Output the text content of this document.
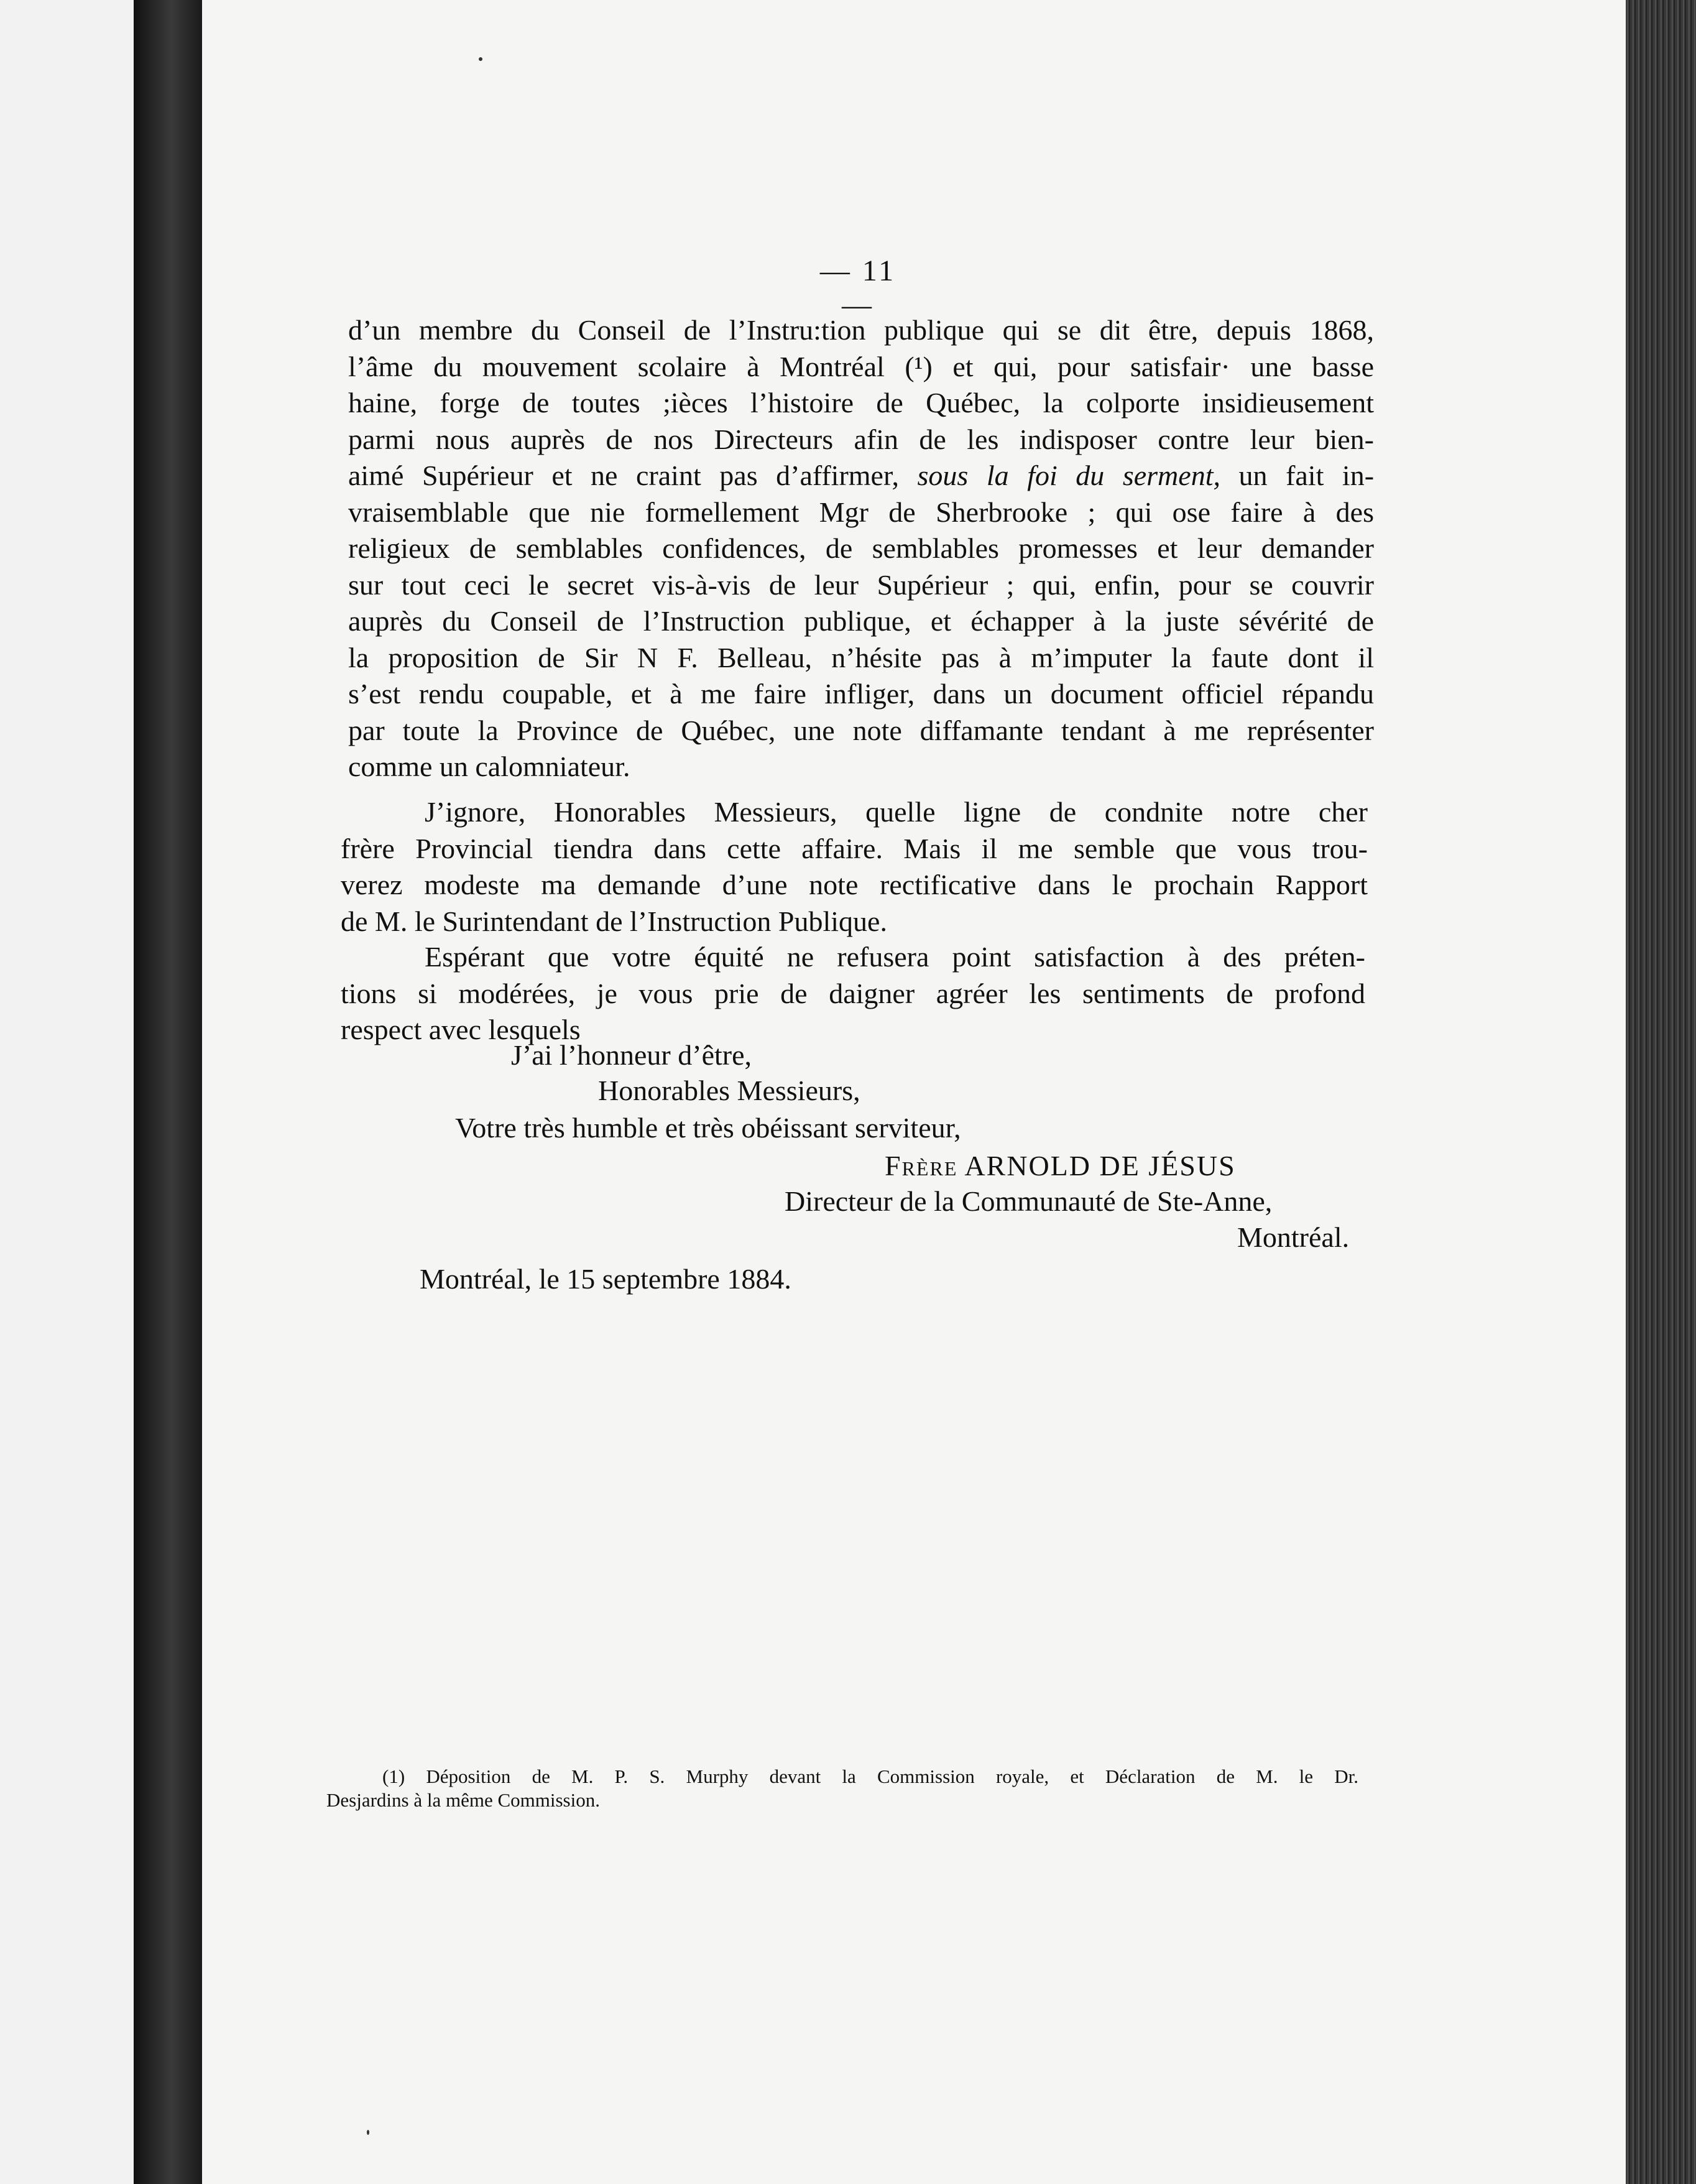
— 11 —
d’un membre du Conseil de l’Instru:tion publique qui se dit être, depuis 1868,
l’âme du mouvement scolaire à Montréal (¹) et qui, pour satisfair· une basse
haine, forge de toutes ;ièces l’histoire de Québec, la colporte insidieusement
parmi nous auprès de nos Directeurs afin de les indisposer contre leur bien-
aimé Supérieur et ne craint pas d’affirmer, sous la foi du serment, un fait in-
vraisemblable que nie formellement Mgr de Sherbrooke ; qui ose faire à des
religieux de semblables confidences, de semblables promesses et leur demander
sur tout ceci le secret vis-à-vis de leur Supérieur ; qui, enfin, pour se couvrir
auprès du Conseil de l’Instruction publique, et échapper à la juste sévérité de
la proposition de Sir N F. Belleau, n’hésite pas à m’imputer la faute dont il
s’est rendu coupable, et à me faire infliger, dans un document officiel répandu
par toute la Province de Québec, une note diffamante tendant à me représenter
comme un calomniateur.
J’ignore, Honorables Messieurs, quelle ligne de condnite notre cher
frère Provincial tiendra dans cette affaire. Mais il me semble que vous trou-
verez modeste ma demande d’une note rectificative dans le prochain Rapport
de M. le Surintendant de l’Instruction Publique.
Espérant que votre équité ne refusera point satisfaction à des préten-
tions si modérées, je vous prie de daigner agréer les sentiments de profond
respect avec lesquels
J’ai l’honneur d’être,
Honorables Messieurs,
Votre très humble et très obéissant serviteur,
Frère ARNOLD DE JÉSUS
Directeur de la Communauté de Ste-Anne,
Montréal.
Montréal, le 15 septembre 1884.
(1) Déposition de M. P. S. Murphy devant la Commission royale, et Déclaration de M. le Dr.
Desjardins à la même Commission.
